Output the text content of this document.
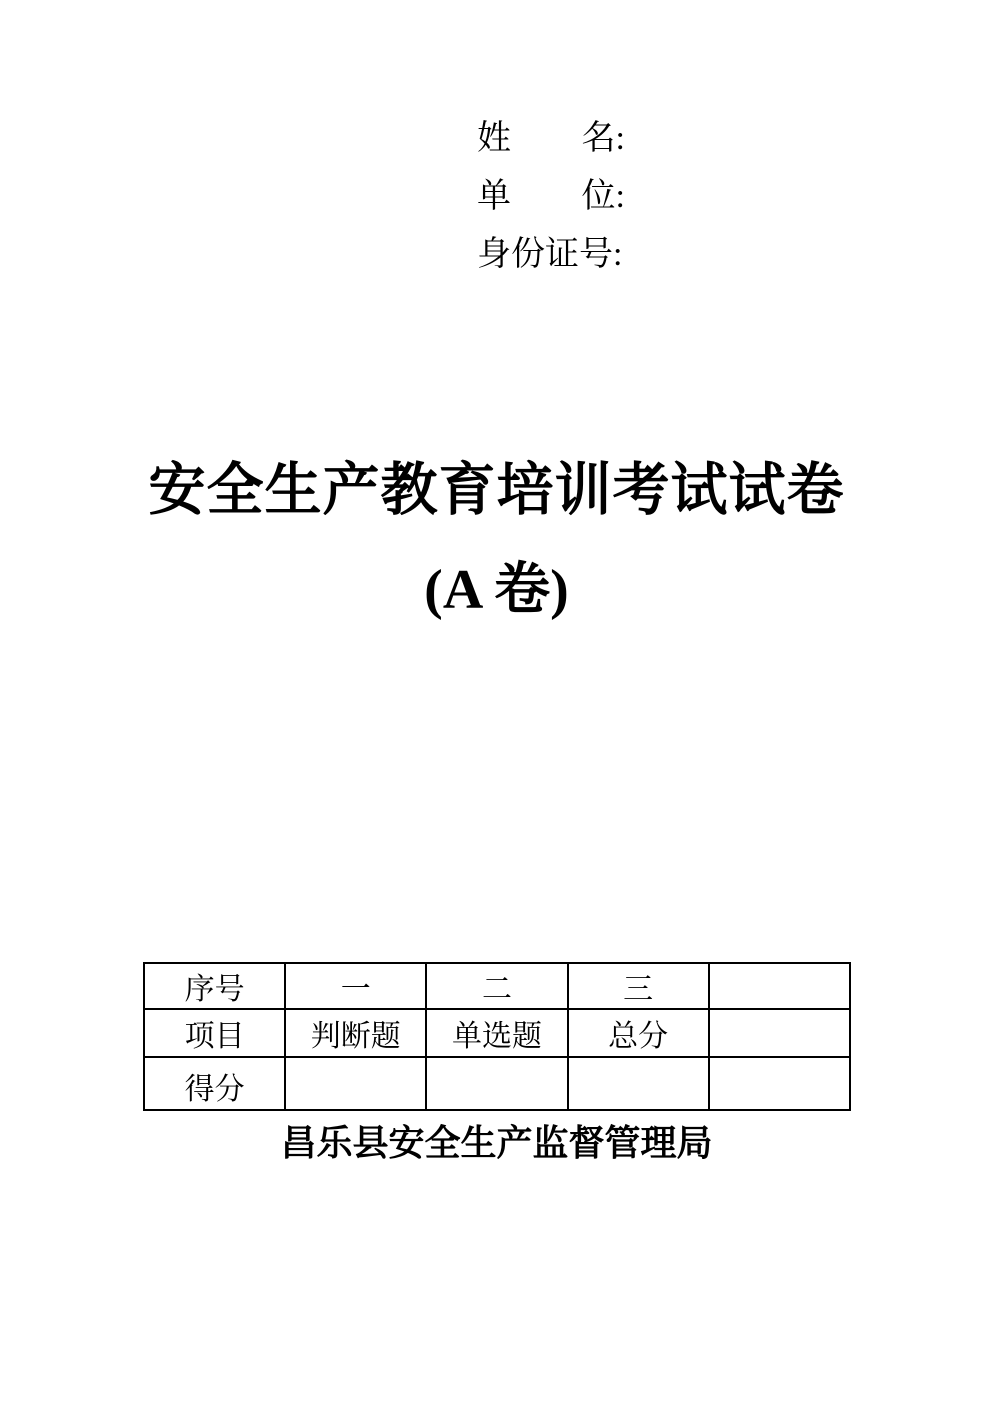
姓 名:
单 位:
身份证号:
安全生产教育培训考试试卷
(A 卷)
序号	一	二	三	
项目	判断题	单选题	总分	
得分				
昌乐县安全生产监督管理局
